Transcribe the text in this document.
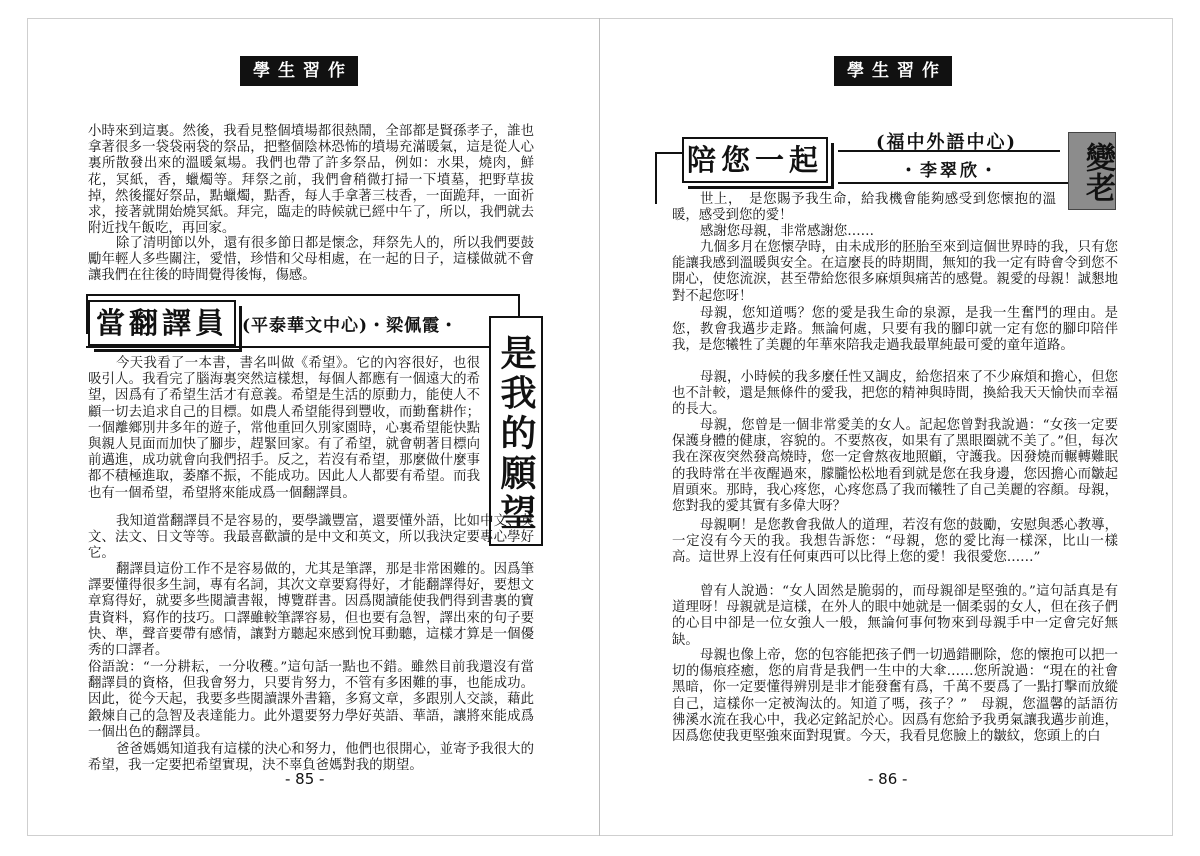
學生習作

小時來到這裏。然後，我看見整個墳場都很熱鬧，全部都是賢孫孝子，誰也拿著很多一袋袋兩袋的祭品，把整個陰林恐怖的墳場充滿暖氣，這是從人心裏所散發出來的溫暖氣場。我們也帶了許多祭品，例如：水果，燒肉，鮮花，冥紙，香，蠟燭等。拜祭之前，我們會稍微打掃一下墳墓，把野草拔掉，然後擺好祭品，點蠟燭，點香，每人手拿著三枝香，一面跪拜，一面祈求，接著就開始燒冥紙。拜完，臨走的時候就已經中午了，所以，我們就去附近找午飯吃，再回家。

除了清明節以外，還有很多節日都是懷念，拜祭先人的，所以我們要鼓勵年輕人多些關注，愛惜，珍惜和父母相處，在一起的日子，這樣做就不會讓我們在往後的時間覺得後悔，傷感。

當翻譯員 (平泰華文中心)・梁佩霞・
是我的願望

今天我看了一本書，書名叫做《希望》。它的內容很好，也很吸引人。我看完了腦海裏突然這樣想，每個人都應有一個遠大的希望，因爲有了希望生活才有意義。希望是生活的原動力，能使人不顧一切去追求自己的目標。如農人希望能得到豐收，而勤奮耕作；一個離鄉別井多年的遊子，常他重回久別家園時，心裏希望能快點與親人見面而加快了腳步，趕緊回家。有了希望，就會朝著目標向前邁進，成功就會向我們招手。反之，若沒有希望，那麼做什麼事都不積極進取，萎靡不振，不能成功。因此人人都要有希望。而我也有一個希望，希望將來能成爲一個翻譯員。

我知道當翻譯員不是容易的，要學識豐富，還要懂外語，比如中文、英文、法文、日文等等。我最喜歡讀的是中文和英文，所以我決定要專心學好它。

翻譯員這份工作不是容易做的，尤其是筆譯，那是非常困難的。因爲筆譯要懂得很多生詞，專有名詞，其次文章要寫得好，才能翻譯得好，要想文章寫得好，就要多些閱讀書報，博覽群書。因爲閱讀能使我們得到書裏的寶貴資料，寫作的技巧。口譯雖較筆譯容易，但也要有急智，譯出來的句子要快、準，聲音要帶有感情，讓對方聽起來感到悅耳動聽，這樣才算是一個優秀的口譯者。

俗語說：“一分耕耘，一分收穫。”這句話一點也不錯。雖然目前我還沒有當翻譯員的資格，但我會努力，只要肯努力，不管有多困難的事，也能成功。因此，從今天起，我要多些閱讀課外書籍，多寫文章，多跟別人交談，藉此鍛煉自己的急智及表達能力。此外還要努力學好英語、華語，讓將來能成爲一個出色的翻譯員。

爸爸媽媽知道我有這樣的決心和努力，他們也很開心，並寄予我很大的希望，我一定要把希望實現，決不辜負爸媽對我的期望。

- 85 -
學生習作
陪您一起
(福中外語中心)
・李翠欣・	變老

世上，　是您賜予我生命，給我機會能夠感受到您懷抱的溫暖，感受到您的愛！

感謝您母親，非常感謝您……

九個多月在您懷孕時，由未成形的胚胎至來到這個世界時的我，只有您能讓我感到溫暖與安全。在這麼長的時期間，無知的我一定有時會令到您不開心，使您流淚，甚至帶給您很多麻煩與痛苦的感覺。親愛的母親！誠懇地對不起您呀！

母親，您知道嗎？您的愛是我生命的泉源，是我一生奮鬥的理由。是您，教會我邁步走路。無論何處，只要有我的腳印就一定有您的腳印陪伴我，是您犧牲了美麗的年華來陪我走過我最單純最可愛的童年道路。

母親，小時候的我多麼任性又調皮，給您招來了不少麻煩和擔心，但您也不計較，還是無條件的愛我，把您的精神與時間，換給我天天愉快而幸福的長大。

母親，您曾是一個非常愛美的女人。記起您曾對我說過：“女孩一定要保護身體的健康，容貌的。不要熬夜，如果有了黑眼圈就不美了。”但，每次我在深夜突然發高燒時，您一定會熬夜地照顧，守護我。因發燒而輾轉難眠的我時常在半夜醒過來，朦朧忪松地看到就是您在我身邊，您因擔心而皺起眉頭來。那時，我心疼您，心疼您爲了我而犧牲了自己美麗的容顏。母親，您對我的愛其實有多偉大呀？

母親啊！是您教會我做人的道理，若沒有您的鼓勵，安慰與悉心教導，一定沒有今天的我。我想告訴您：“母親，您的愛比海一樣深，比山一樣高。這世界上沒有任何東西可以比得上您的愛！我很愛您……”

曾有人說過：“女人固然是脆弱的，而母親卻是堅強的。”這句話真是有道理呀！母親就是這樣，在外人的眼中她就是一個柔弱的女人，但在孩子們的心目中卻是一位女強人一般，無論何事何物來到母親手中一定會完好無缺。

母親也像上帝，您的包容能把孩子們一切過錯刪除，您的懷抱可以把一切的傷痕痊癒，您的肩背是我們一生中的大傘……您所說過：“現在的社會黑暗，你一定要懂得辨別是非才能發奮有爲，千萬不要爲了一點打擊而放縱自己，這樣你一定被淘汰的。知道了嗎，孩子？”　母親，您溫馨的話語彷彿溪水流在我心中，我必定銘記於心。因爲有您給予我勇氣讓我邁步前進，因爲您使我更堅強來面對現實。今天，我看見您臉上的皺紋，您頭上的白

- 86 -
